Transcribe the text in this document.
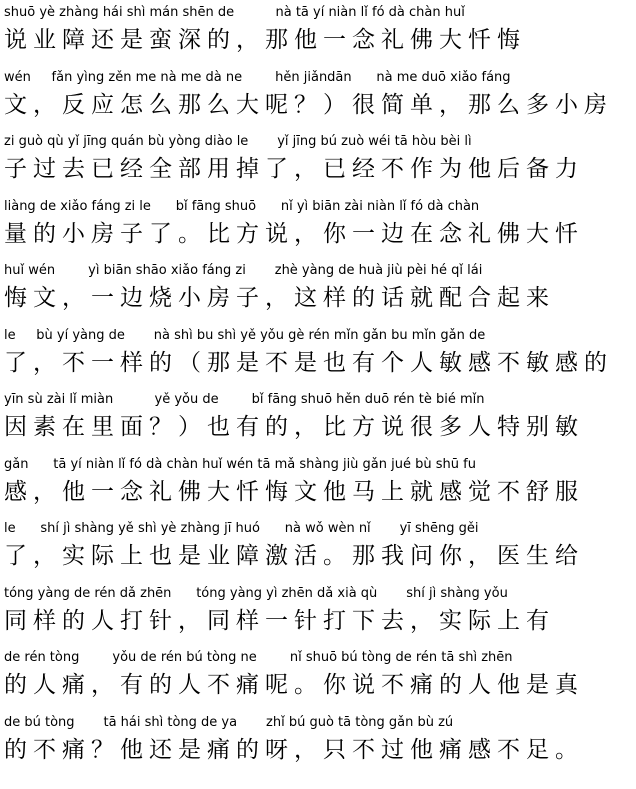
shuō yè zhàng hái shì mán shēn de          nà tā yí niàn lǐ fó dà chàn huǐ
说业障还是蛮深的，那他一念礼佛大忏悔
wén     fǎn yìng zěn me nà me dà ne        hěn jiǎndān      nà me duō xiǎo fáng
文，反应怎么那么大呢？）很简单，那么多小房
zi guò qù yǐ jīng quán bù yòng diào le       yǐ jīng bú zuò wéi tā hòu bèi lì
子过去已经全部用掉了，已经不作为他后备力
liàng de xiǎo fáng zi le      bǐ fāng shuō      nǐ yì biān zài niàn lǐ fó dà chàn
量的小房子了。比方说，你一边在念礼佛大忏
huǐ wén        yì biān shāo xiǎo fáng zi       zhè yàng de huà jiù pèi hé qǐ lái
悔文，一边烧小房子，这样的话就配合起来
le     bù yí yàng de       nà shì bu shì yě yǒu gè rén mǐn gǎn bu mǐn gǎn de
了，不一样的（那是不是也有个人敏感不敏感的
yīn sù zài lǐ miàn          yě yǒu de        bǐ fāng shuō hěn duō rén tè bié mǐn
因素在里面？）也有的，比方说很多人特别敏
gǎn      tā yí niàn lǐ fó dà chàn huǐ wén tā mǎ shàng jiù gǎn jué bù shū fu
感，他一念礼佛大忏悔文他马上就感觉不舒服
le      shí jì shàng yě shì yè zhàng jī huó      nà wǒ wèn nǐ       yī shēng gěi
了，实际上也是业障激活。那我问你，医生给
tóng yàng de rén dǎ zhēn      tóng yàng yì zhēn dǎ xià qù       shí jì shàng yǒu
同样的人打针，同样一针打下去，实际上有
de rén tòng        yǒu de rén bú tòng ne        nǐ shuō bú tòng de rén tā shì zhēn
的人痛，有的人不痛呢。你说不痛的人他是真
de bú tòng       tā hái shì tòng de ya       zhǐ bú guò tā tòng gǎn bù zú
的不痛？他还是痛的呀，只不过他痛感不足。
